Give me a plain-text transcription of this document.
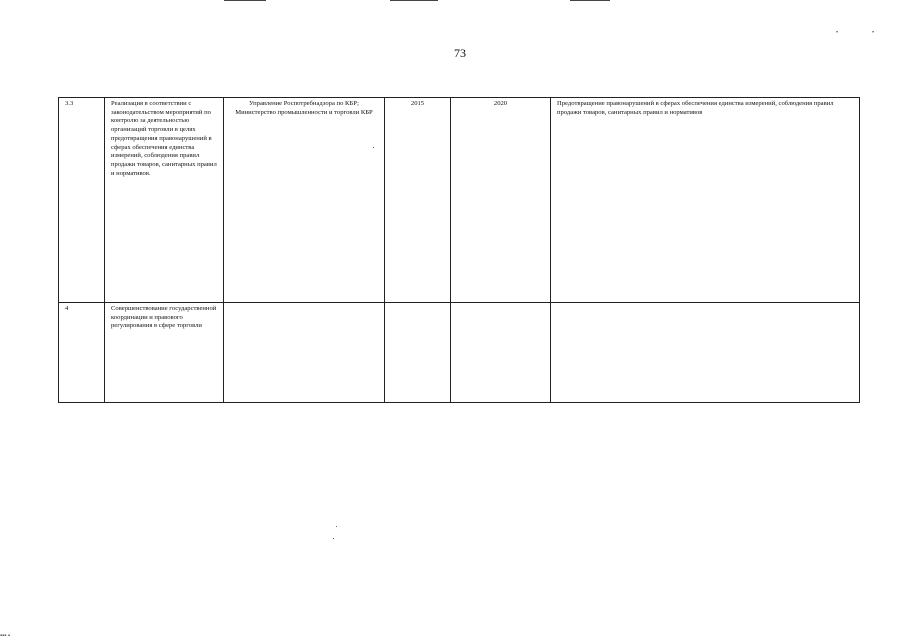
•	•
73
3.3	Реализация в соответствии с законодательством мероприятий по контролю за деятельностью организаций торговли в целях предотвращения правонарушений в сферах обеспечения единства измерений, соблюдения правил продажи товаров, санитарных правил и нормативов.	Управление Роспотребнадзора по КБР; Министерство промышленности и торговли КБР	2015	2020	Предотвращение правонарушений в сферах обеспечения единства измерений, соблюдения правил продажи товаров, санитарных правил и нормативов
4	Совершенствование государственной координации и правового регулирования в сфере торговли				
▪▪▪ ▪
